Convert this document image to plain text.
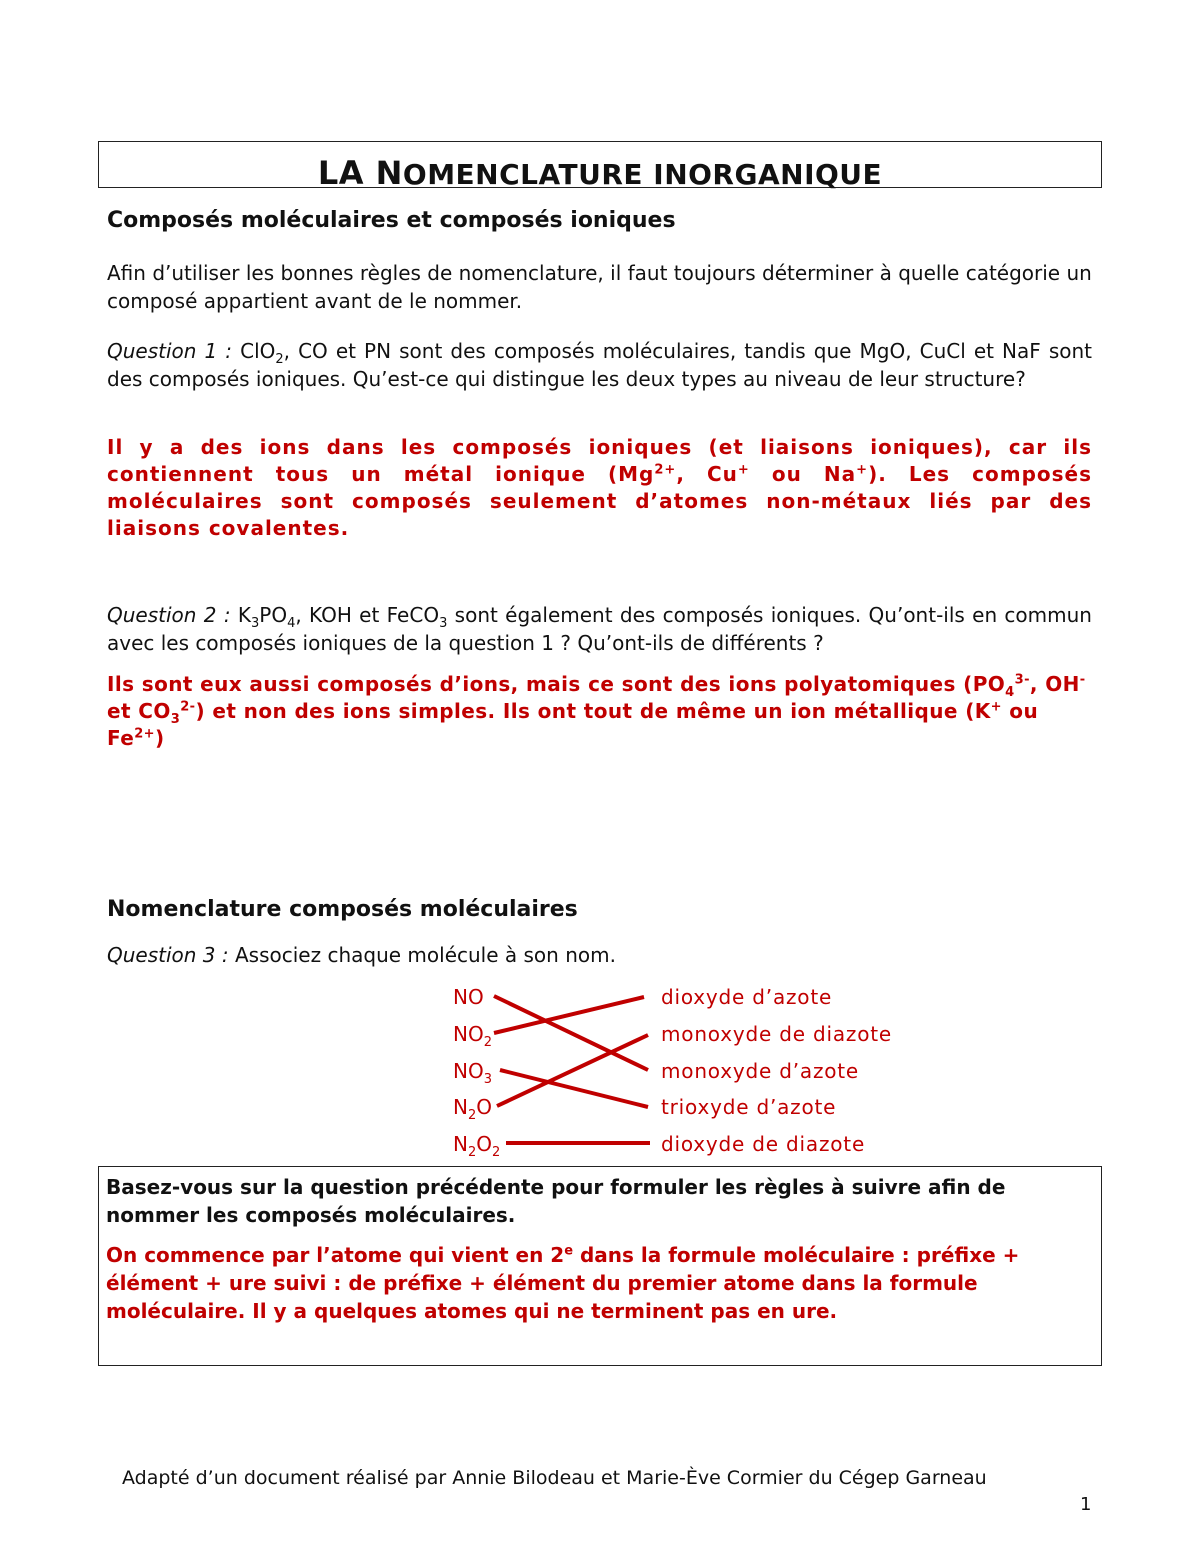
LA NOMENCLATURE INORGANIQUE
Composés moléculaires et composés ioniques

Afin d’utiliser les bonnes règles de nomenclature, il faut toujours déterminer à quelle catégorie un composé appartient avant de le nommer.

Question 1 : ClO$_2$, CO et PN sont des composés moléculaires, tandis que MgO, CuCl et NaF sont des composés ioniques. Qu’est-ce qui distingue les deux types au niveau de leur structure?

Il y a des ions dans les composés ioniques (et liaisons ioniques), car ils contiennent tous un métal ionique ($Mg^{2+}$, Cu+ ou Na+). Les composés moléculaires sont composés seulement d’atomes non-métaux liés par des liaisons covalentes.

Question 2 : $K_3PO_4$, KOH et FeCO$_3$ sont également des composés ioniques. Qu’ont-ils en commun avec les composés ioniques de la question 1 ? Qu’ont-ils de différents ?

Ils sont eux aussi composés d’ions, mais ce sont des ions polyatomiques ($PO_4^{3-}$, OH- et $CO_3^{2-}$) et non des ions simples. Ils ont tout de même un ion métallique (K+ ou $Fe^{2+}$)

Nomenclature composés moléculaires

Question 3 : Associez chaque molécule à son nom.

NO
$NO_2$
$NO_3$
$N_2O$
$N_2O_2$
dioxyde d’azote
monoxyde de diazote
monoxyde d’azote
trioxyde d’azote
dioxyde de diazote

Basez-vous sur la question précédente pour formuler les règles à suivre afin de nommer les composés moléculaires.

On commence par l’atome qui vient en 2e dans la formule moléculaire : préfixe + élément + ure suivi : de préfixe + élément du premier atome dans la formule moléculaire. Il y a quelques atomes qui ne terminent pas en ure.

Adapté d’un document réalisé par Annie Bilodeau et Marie-Ève Cormier du Cégep Garneau
1
